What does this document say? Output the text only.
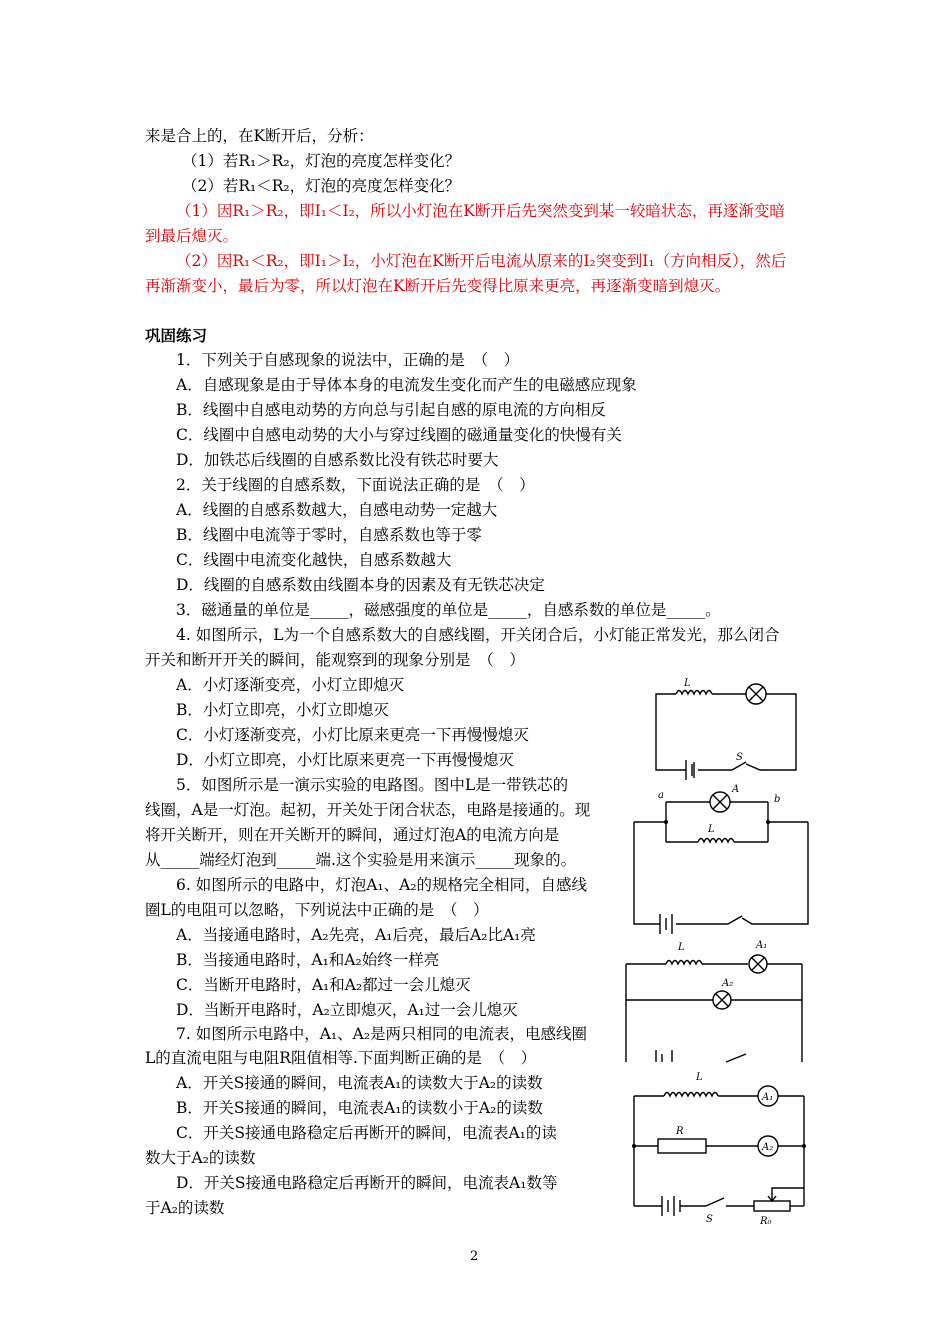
来是合上的，在K断开后，分析：
（1）若R₁＞R₂，灯泡的亮度怎样变化？
（2）若R₁＜R₂，灯泡的亮度怎样变化？
（1）因R₁＞R₂，即I₁＜I₂，所以小灯泡在K断开后先突然变到某一较暗状态，再逐渐变暗
到最后熄灭。
（2）因R₁＜R₂，即I₁＞I₂，小灯泡在K断开后电流从原来的I₂突变到I₁（方向相反），然后
再渐渐变小，最后为零，所以灯泡在K断开后先变得比原来更亮，再逐渐变暗到熄灭。
巩固练习
1．下列关于自感现象的说法中，正确的是　（　）
A．自感现象是由于导体本身的电流发生变化而产生的电磁感应现象
B．线圈中自感电动势的方向总与引起自感的原电流的方向相反
C．线圈中自感电动势的大小与穿过线圈的磁通量变化的快慢有关
D．加铁芯后线圈的自感系数比没有铁芯时要大
2．关于线圈的自感系数，下面说法正确的是　（　）
A．线圈的自感系数越大，自感电动势一定越大
B．线圈中电流等于零时，自感系数也等于零
C．线圈中电流变化越快，自感系数越大
D．线圈的自感系数由线圈本身的因素及有无铁芯决定
3．磁通量的单位是_____，磁感强度的单位是_____，自感系数的单位是_____。
4. 如图所示，L为一个自感系数大的自感线圈，开关闭合后，小灯能正常发光，那么闭合
开关和断开开关的瞬间，能观察到的现象分别是　（　）
A．小灯逐渐变亮，小灯立即熄灭
B．小灯立即亮，小灯立即熄灭
C．小灯逐渐变亮，小灯比原来更亮一下再慢慢熄灭
D．小灯立即亮，小灯比原来更亮一下再慢慢熄灭
5．如图所示是一演示实验的电路图。图中L是一带铁芯的
线圈，A是一灯泡。起初，开关处于闭合状态，电路是接通的。现
将开关断开，则在开关断开的瞬间，通过灯泡A的电流方向是
从_____端经灯泡到_____端.这个实验是用来演示_____现象的。
6. 如图所示的电路中，灯泡A₁、A₂的规格完全相同，自感线
圈L的电阻可以忽略，下列说法中正确的是　（　）
A．当接通电路时，A₂先亮，A₁后亮，最后A₂比A₁亮
B．当接通电路时，A₁和A₂始终一样亮
C．当断开电路时，A₁和A₂都过一会儿熄灭
D．当断开电路时，A₂立即熄灭，A₁过一会儿熄灭
7. 如图所示电路中，A₁、A₂是两只相同的电流表，电感线圈
L的直流电阻与电阻R阻值相等.下面判断正确的是　（　）
A．开关S接通的瞬间，电流表A₁的读数大于A₂的读数
B．开关S接通的瞬间，电流表A₁的读数小于A₂的读数
C．开关S接通电路稳定后再断开的瞬间，电流表A₁的读
数大于A₂的读数
D．开关S接通电路稳定后再断开的瞬间，电流表A₁数等
于A₂的读数
L
S
a
A
b
L
L	A₁
A₂
L
A₁
R
A₂
S	R₀
2
